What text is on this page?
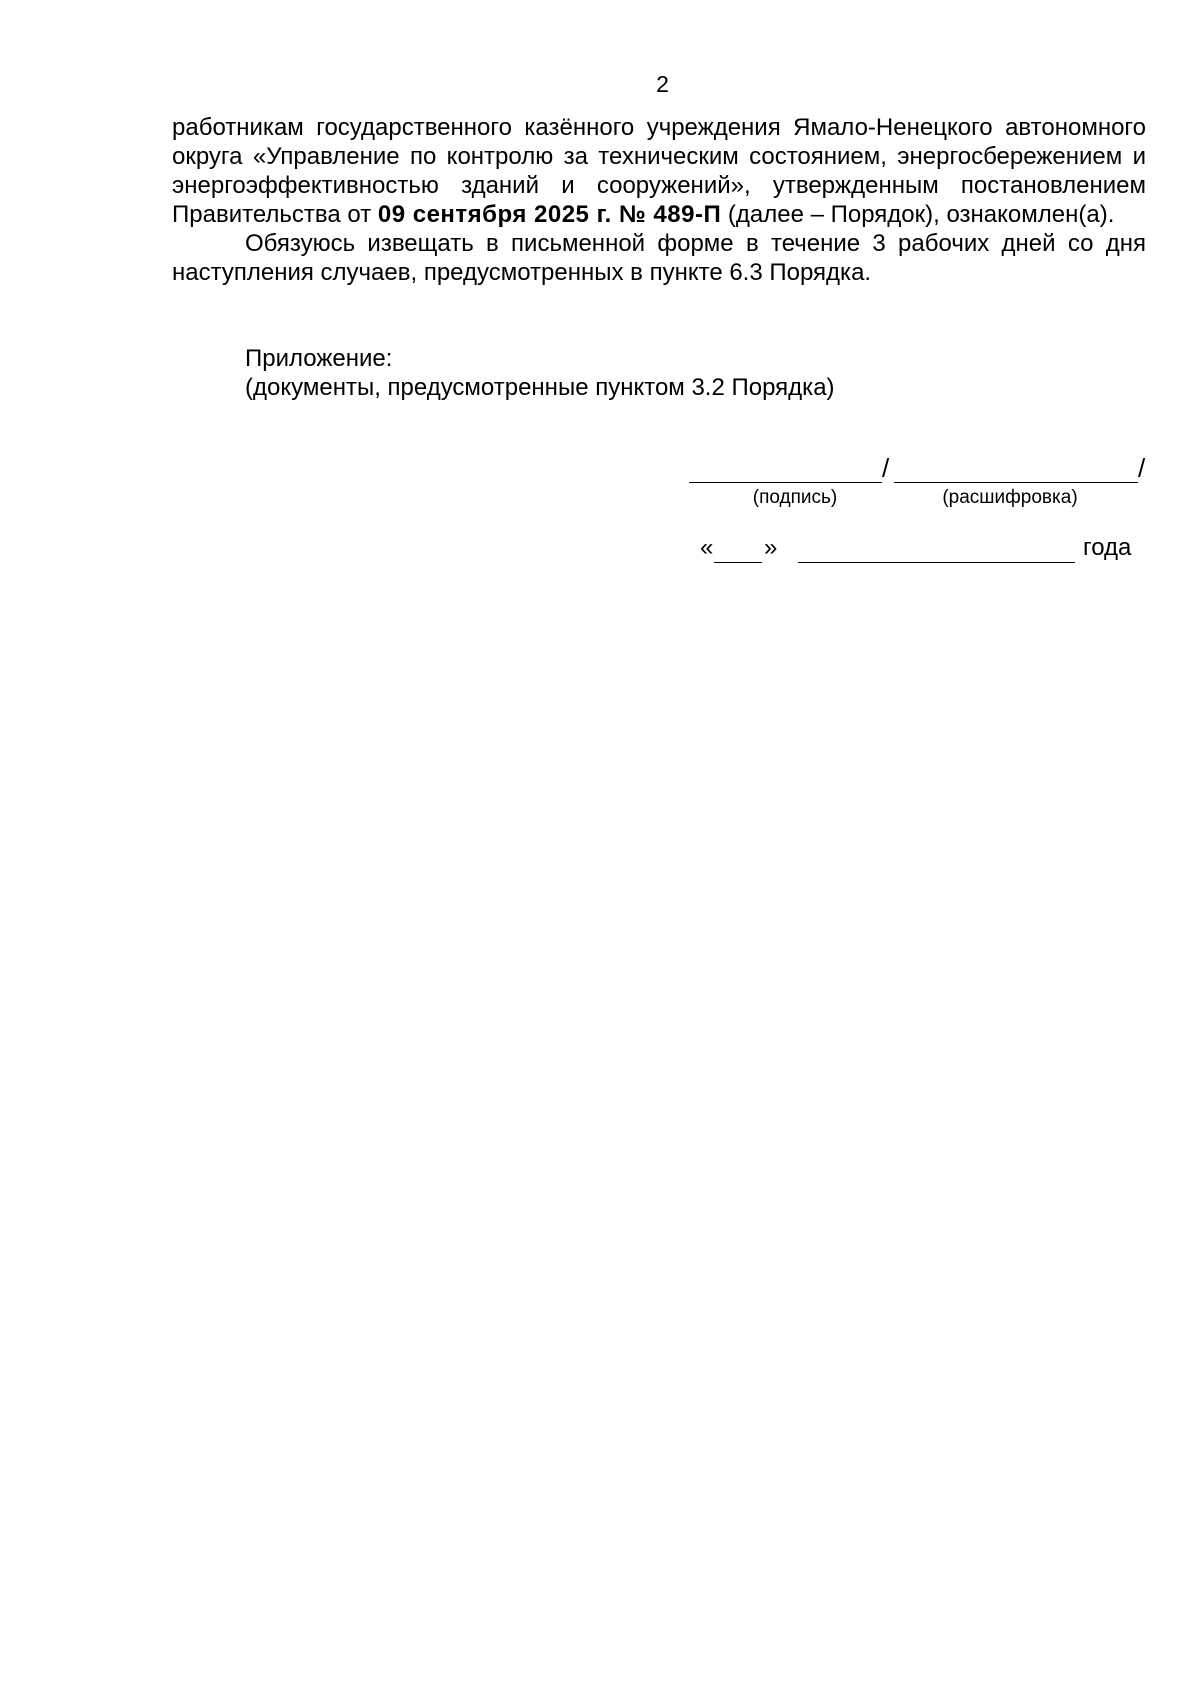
2

работникам государственного казённого учреждения Ямало-Ненецкого автономного округа «Управление по контролю за техническим состоянием, энергосбережением и энергоэффективностью зданий и сооружений», утвержденным постановлением Правительства от 09 сентября 2025 г. № 489-П (далее – Порядок), ознакомлен(а).

Обязуюсь извещать в письменной форме в течение 3 рабочих дней со дня наступления случаев, предусмотренных в пункте 6.3 Порядка.

Приложение:
(документы, предусмотренные пунктом 3.2 Порядка)
/	/
(подпись)	(расшифровка)
« »	года
